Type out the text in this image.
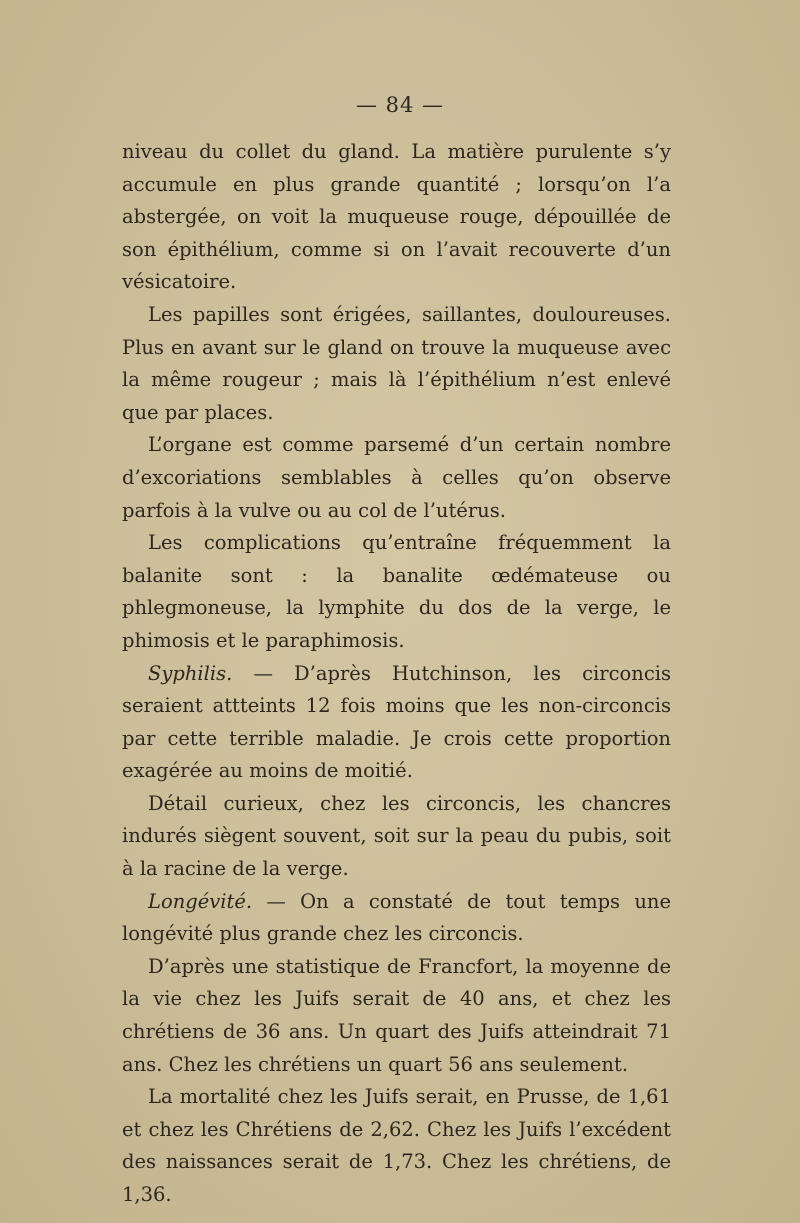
— 84 —

niveau du collet du gland. La matière purulente s’y accumule en plus grande quantité ; lorsqu’on l’a abstergée, on voit la muqueuse rouge, dépouillée de son épithélium, comme si on l’avait recouverte d’un vésicatoire.

Les papilles sont érigées, saillantes, douloureuses. Plus en avant sur le gland on trouve la muqueuse avec la même rougeur ; mais là l’épithélium n’est enlevé que par places.

L’organe est comme parsemé d’un certain nombre d’excoriations semblables à celles qu’on observe parfois à la vulve ou au col de l’utérus.

Les complications qu’entraîne fréquemment la balanite sont : la banalite œdémateuse ou phlegmoneuse, la lymphite du dos de la verge, le phimosis et le paraphimosis.

Syphilis. — D’après Hutchinson, les circoncis seraient attteints 12 fois moins que les non-circoncis par cette terrible maladie. Je crois cette proportion exagérée au moins de moitié.

Détail curieux, chez les circoncis, les chancres indurés siègent souvent, soit sur la peau du pubis, soit à la racine de la verge.

Longévité. — On a constaté de tout temps une longévité plus grande chez les circoncis.

D’après une statistique de Francfort, la moyenne de la vie chez les Juifs serait de 40 ans, et chez les chrétiens de 36 ans. Un quart des Juifs atteindrait 71 ans. Chez les chrétiens un quart 56 ans seulement.

La mortalité chez les Juifs serait, en Prusse, de 1,61 et chez les Chrétiens de 2,62. Chez les Juifs l’excédent des naissances serait de 1,73. Chez les chrétiens, de 1,36.
